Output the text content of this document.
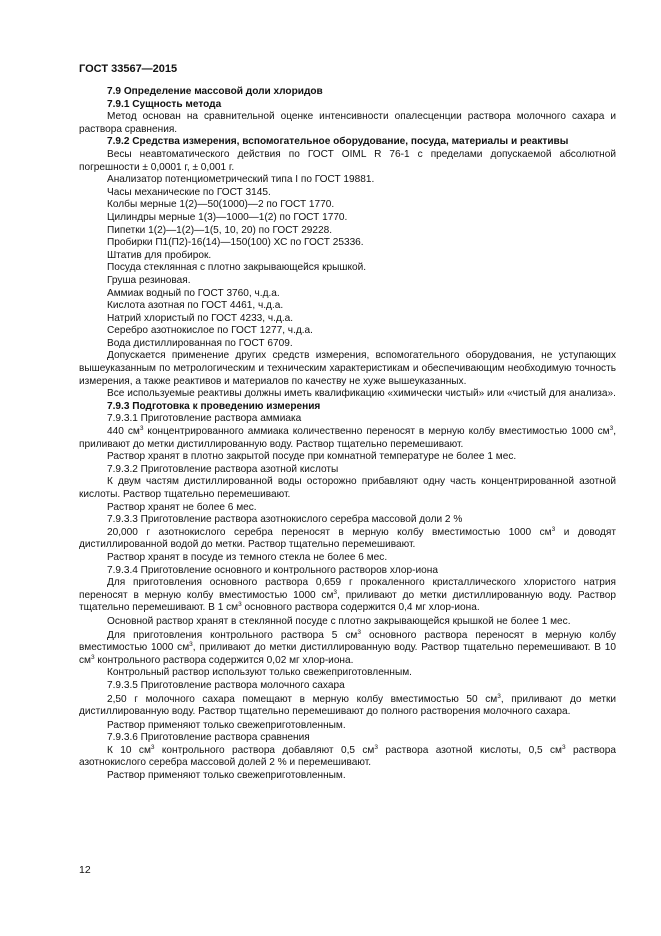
ГОСТ 33567—2015

7.9 Определение массовой доли хлоридов

7.9.1 Сущность метода

Метод основан на сравнительной оценке интенсивности опалесценции раствора молочного сахара и раствора сравнения.

7.9.2 Средства измерения, вспомогательное оборудование, посуда, материалы и реактивы

Весы неавтоматического действия по ГОСТ OIML R 76-1 с пределами допускаемой абсолютной погрешности ± 0,0001 г, ± 0,001 г.

Анализатор потенциометрический типа I по ГОСТ 19881.

Часы механические по ГОСТ 3145.

Колбы мерные 1(2)—50(1000)—2 по ГОСТ 1770.

Цилиндры мерные 1(3)—1000—1(2) по ГОСТ 1770.

Пипетки 1(2)—1(2)—1(5, 10, 20) по ГОСТ 29228.

Пробирки П1(П2)-16(14)—150(100) ХС по ГОСТ 25336.

Штатив для пробирок.

Посуда стеклянная с плотно закрывающейся крышкой.

Груша резиновая.

Аммиак водный по ГОСТ 3760, ч.д.а.

Кислота азотная по ГОСТ 4461, ч.д.а.

Натрий хлористый по ГОСТ 4233, ч.д.а.

Серебро азотнокислое по ГОСТ 1277, ч.д.а.

Вода дистиллированная по ГОСТ 6709.

Допускается применение других средств измерения, вспомогательного оборудования, не уступающих вышеуказанным по метрологическим и техническим характеристикам и обеспечивающим необходимую точность измерения, а также реактивов и материалов по качеству не хуже вышеуказанных.

Все используемые реактивы должны иметь квалификацию «химически чистый» или «чистый для анализа».

7.9.3 Подготовка к проведению измерения

7.9.3.1 Приготовление раствора аммиака

440 $см^3$ концентрированного аммиака количественно переносят в мерную колбу вместимостью 1000 $см^3$, приливают до метки дистиллированную воду. Раствор тщательно перемешивают.

Раствор хранят в плотно закрытой посуде при комнатной температуре не более 1 мес.

7.9.3.2 Приготовление раствора азотной кислоты

К двум частям дистиллированной воды осторожно прибавляют одну часть концентрированной азотной кислоты. Раствор тщательно перемешивают.

Раствор хранят не более 6 мес.

7.9.3.3 Приготовление раствора азотнокислого серебра массовой доли 2 %

20,000 г азотнокислого серебра переносят в мерную колбу вместимостью 1000 $см^3$ и доводят дистиллированной водой до метки. Раствор тщательно перемешивают.

Раствор хранят в посуде из темного стекла не более 6 мес.

7.9.3.4 Приготовление основного и контрольного растворов хлор-иона

Для приготовления основного раствора 0,659 г прокаленного кристаллического хлористого натрия переносят в мерную колбу вместимостью 1000 $см^3$, приливают до метки дистиллированную воду. Раствор тщательно перемешивают. В 1 $см^3$ основного раствора содержится 0,4 мг хлор-иона.

Основной раствор хранят в стеклянной посуде с плотно закрывающейся крышкой не более 1 мес.

Для приготовления контрольного раствора 5 $см^3$ основного раствора переносят в мерную колбу вместимостью 1000 $см^3$, приливают до метки дистиллированную воду. Раствор тщательно перемешивают. В 10 $см^3$ контрольного раствора содержится 0,02 мг хлор-иона.

Контрольный раствор используют только свежеприготовленным.

7.9.3.5 Приготовление раствора молочного сахара

2,50 г молочного сахара помещают в мерную колбу вместимостью 50 $см^3$, приливают до метки дистиллированную воду. Раствор тщательно перемешивают до полного растворения молочного сахара.

Раствор применяют только свежеприготовленным.

7.9.3.6 Приготовление раствора сравнения

К 10 $см^3$ контрольного раствора добавляют 0,5 $см^3$ раствора азотной кислоты, 0,5 $см^3$ раствора азотнокислого серебра массовой долей 2 % и перемешивают.

Раствор применяют только свежеприготовленным.

12
